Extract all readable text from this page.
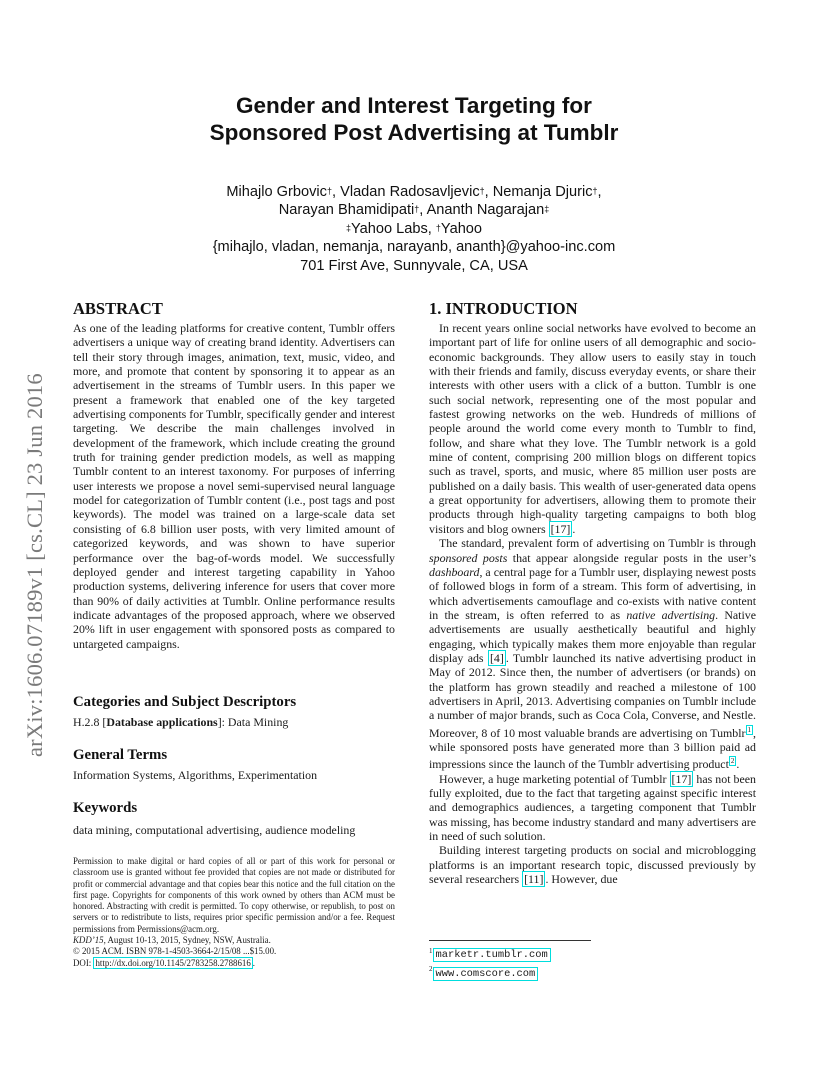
arXiv:1606.07189v1 [cs.CL] 23 Jun 2016
Gender and Interest Targeting for
Sponsored Post Advertising at Tumblr
Mihajlo Grbovic†, Vladan Radosavljevic†, Nemanja Djuric†,
Narayan Bhamidipati†, Ananth Nagarajan‡
‡Yahoo Labs, †Yahoo
{mihajlo, vladan, nemanja, narayanb, ananth}@yahoo-inc.com
701 First Ave, Sunnyvale, CA, USA
ABSTRACT

As one of the leading platforms for creative content, Tumblr offers advertisers a unique way of creating brand identity. Advertisers can tell their story through images, animation, text, music, video, and more, and promote that content by sponsoring it to appear as an advertisement in the streams of Tumblr users. In this paper we present a framework that enabled one of the key targeted advertising components for Tumblr, specifically gender and interest targeting. We describe the main challenges involved in development of the framework, which include creating the ground truth for training gender prediction models, as well as mapping Tumblr content to an interest taxonomy. For purposes of inferring user interests we propose a novel semi-supervised neural language model for categorization of Tumblr content (i.e., post tags and post keywords). The model was trained on a large-scale data set consisting of 6.8 billion user posts, with very limited amount of categorized keywords, and was shown to have superior performance over the bag-of-words model. We successfully deployed gender and interest targeting capability in Yahoo production systems, delivering inference for users that cover more than 90% of daily activities at Tumblr. Online performance results indicate advantages of the proposed approach, where we observed 20% lift in user engagement with sponsored posts as compared to untargeted campaigns.

Categories and Subject Descriptors
H.2.8 [Database applications]: Data Mining
General Terms
Information Systems, Algorithms, Experimentation
Keywords
data mining, computational advertising, audience modeling
Permission to make digital or hard copies of all or part of this work for personal or classroom use is granted without fee provided that copies are not made or distributed for profit or commercial advantage and that copies bear this notice and the full citation on the first page. Copyrights for components of this work owned by others than ACM must be honored. Abstracting with credit is permitted. To copy otherwise, or republish, to post on servers or to redistribute to lists, requires prior specific permission and/or a fee. Request permissions from Permissions@acm.org.
KDD’15, August 10-13, 2015, Sydney, NSW, Australia.
© 2015 ACM. ISBN 978-1-4503-3664-2/15/08 ...$15.00.
DOI: http://dx.doi.org/10.1145/2783258.2788616 .
1. INTRODUCTION

In recent years online social networks have evolved to become an important part of life for online users of all demographic and socio-economic backgrounds. They allow users to easily stay in touch with their friends and family, discuss everyday events, or share their interests with other users with a click of a button. Tumblr is one such social network, representing one of the most popular and fastest growing networks on the web. Hundreds of millions of people around the world come every month to Tumblr to find, follow, and share what they love. The Tumblr network is a gold mine of content, comprising 200 million blogs on different topics such as travel, sports, and music, where 85 million user posts are published on a daily basis. This wealth of user-generated data opens a great opportunity for advertisers, allowing them to promote their products through high-quality targeting campaigns to both blog visitors and blog owners [17] .

The standard, prevalent form of advertising on Tumblr is through sponsored posts that appear alongside regular posts in the user’s dashboard, a central page for a Tumblr user, displaying newest posts of followed blogs in form of a stream. This form of advertising, in which advertisements camouflage and co-exists with native content in the stream, is often referred to as native advertising. Native advertisements are usually aesthetically beautiful and highly engaging, which typically makes them more enjoyable than regular display ads [4] . Tumblr launched its native advertising product in May of 2012. Since then, the number of advertisers (or brands) on the platform has grown steadily and reached a milestone of 100 advertisers in April, 2013. Advertising companies on Tumblr include a number of major brands, such as Coca Cola, Converse, and Nestle. Moreover, 8 of 10 most valuable brands are advertising on Tumblr $^1$ , while sponsored posts have generated more than 3 billion paid ad impressions since the launch of the Tumblr advertising product $^2$ .

However, a huge marketing potential of Tumblr [17] has not been fully exploited, due to the fact that targeting against specific interest and demographics audiences, a targeting component that Tumblr was missing, has become industry standard and many advertisers are in need of such solution.

Building interest targeting products on social and microblogging platforms is an important research topic, discussed previously by several researchers [11] . However, due

$^1$ marketr.tumblr.com
$^2$ www.comscore.com
